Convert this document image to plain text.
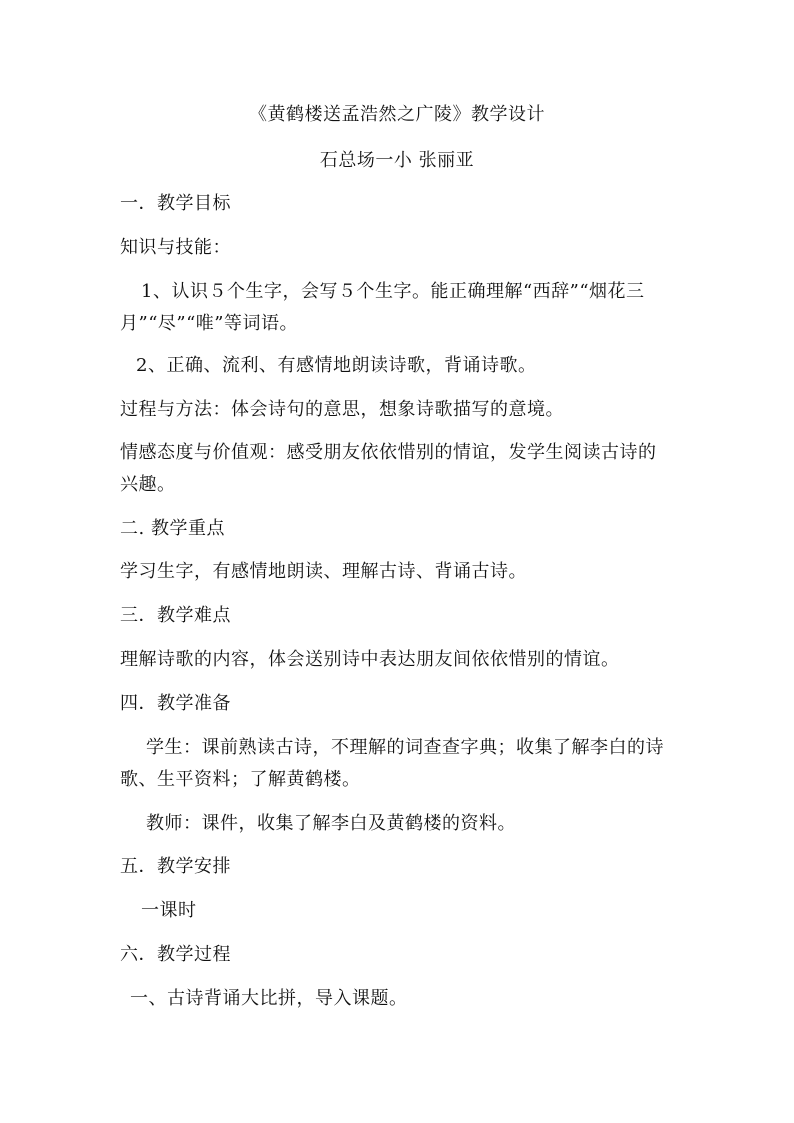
《黄鹤楼送孟浩然之广陵》教学设计
石总场一小 张丽亚
一．教学目标
知识与技能：
1、认识５个生字，会写５个生字。能正确理解“西辞”“烟花三
月”“尽”“唯”等词语。
2、正确、流利、有感情地朗读诗歌，背诵诗歌。
过程与方法：体会诗句的意思，想象诗歌描写的意境。
情感态度与价值观：感受朋友依依惜别的情谊，发学生阅读古诗的
兴趣。
二. 教学重点
学习生字，有感情地朗读、理解古诗、背诵古诗。
三．教学难点
理解诗歌的内容，体会送别诗中表达朋友间依依惜别的情谊。
四．教学准备
学生：课前熟读古诗，不理解的词查查字典；收集了解李白的诗
歌、生平资料；了解黄鹤楼。
教师：课件，收集了解李白及黄鹤楼的资料。
五．教学安排
一课时
六．教学过程
一、古诗背诵大比拼，导入课题。
